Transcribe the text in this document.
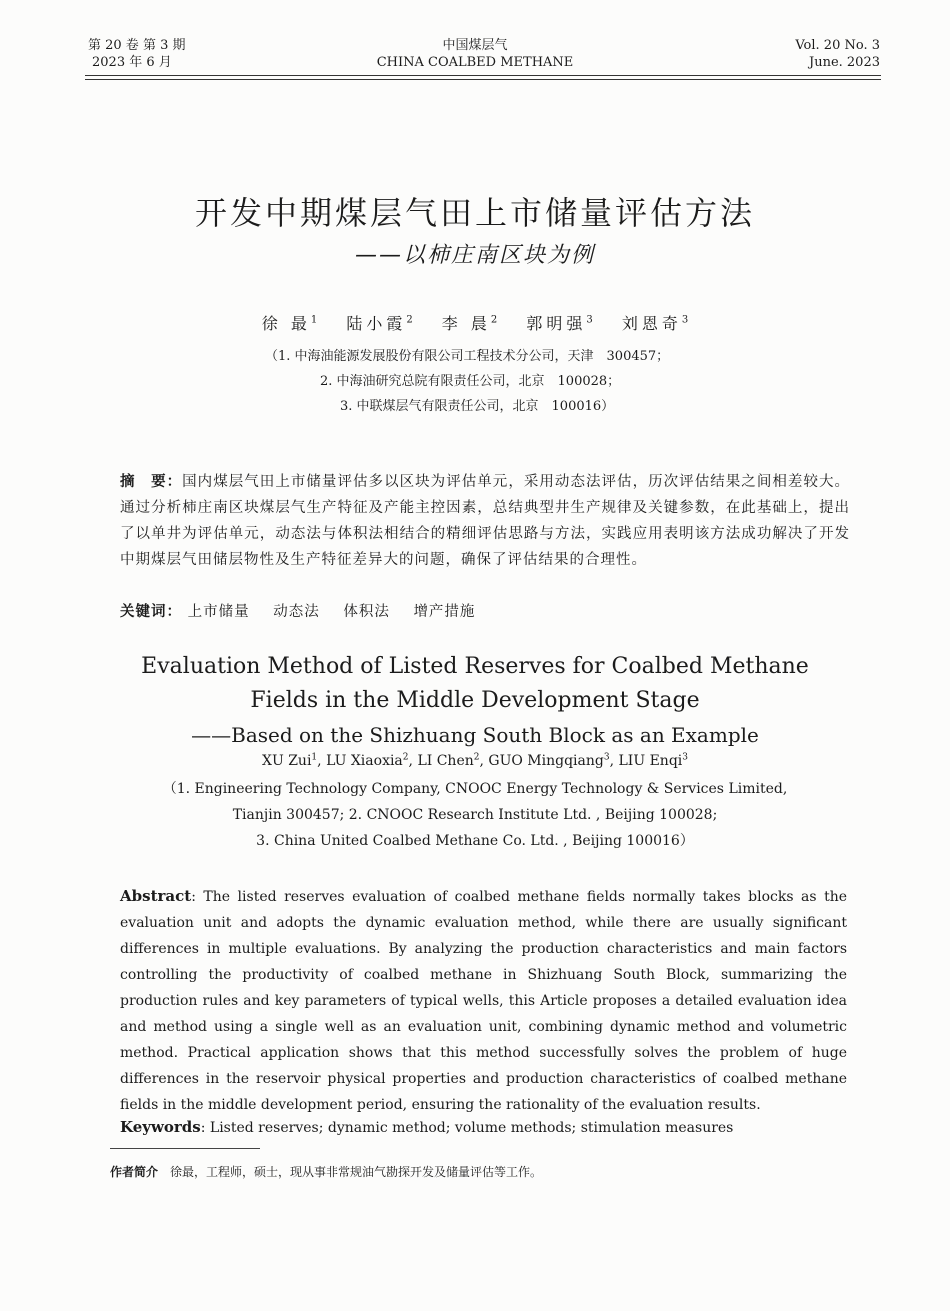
第 20 卷 第 3 期
2023 年 6 月
中国煤层气
CHINA COALBED METHANE
Vol. 20 No. 3
June. 2023
开发中期煤层气田上市储量评估方法
——以柿庄南区块为例
徐 最$^1$ 陆小霞$^2$ 李 晨$^2$ 郭明强$^3$ 刘恩奇$^3$
（1. 中海油能源发展股份有限公司工程技术分公司，天津　300457；
2. 中海油研究总院有限责任公司，北京　100028；
3. 中联煤层气有限责任公司，北京　100016）
摘　要：国内煤层气田上市储量评估多以区块为评估单元，采用动态法评估，历次评估结果之间相差较大。通过分析柿庄南区块煤层气生产特征及产能主控因素，总结典型井生产规律及关键参数，在此基础上，提出了以单井为评估单元，动态法与体积法相结合的精细评估思路与方法，实践应用表明该方法成功解决了开发中期煤层气田储层物性及生产特征差异大的问题，确保了评估结果的合理性。
关键词： 上市储量 动态法 体积法 增产措施
Evaluation Method of Listed Reserves for Coalbed Methane
Fields in the Middle Development Stage
——Based on the Shizhuang South Block as an Example
XU Zui$^1$, LU Xiaoxia$^2$, LI Chen$^2$, GUO Mingqiang$^3$, LIU Enqi$^3$
（1. Engineering Technology Company, CNOOC Energy Technology & Services Limited,
Tianjin 300457; 2. CNOOC Research Institute Ltd. , Beijing 100028;
3. China United Coalbed Methane Co. Ltd. , Beijing 100016）
Abstract: The listed reserves evaluation of coalbed methane fields normally takes blocks as the evaluation unit and adopts the dynamic evaluation method, while there are usually significant differences in multiple evaluations. By analyzing the production characteristics and main factors controlling the productivity of coalbed methane in Shizhuang South Block, summarizing the production rules and key parameters of typical wells, this Article proposes a detailed evaluation idea and method using a single well as an evaluation unit, combining dynamic method and volumetric method. Practical application shows that this method successfully solves the problem of huge differences in the reservoir physical properties and production characteristics of coalbed methane fields in the middle development period, ensuring the rationality of the evaluation results.
Keywords: Listed reserves; dynamic method; volume methods; stimulation measures
作者简介 徐最，工程师，硕士，现从事非常规油气勘探开发及储量评估等工作。
